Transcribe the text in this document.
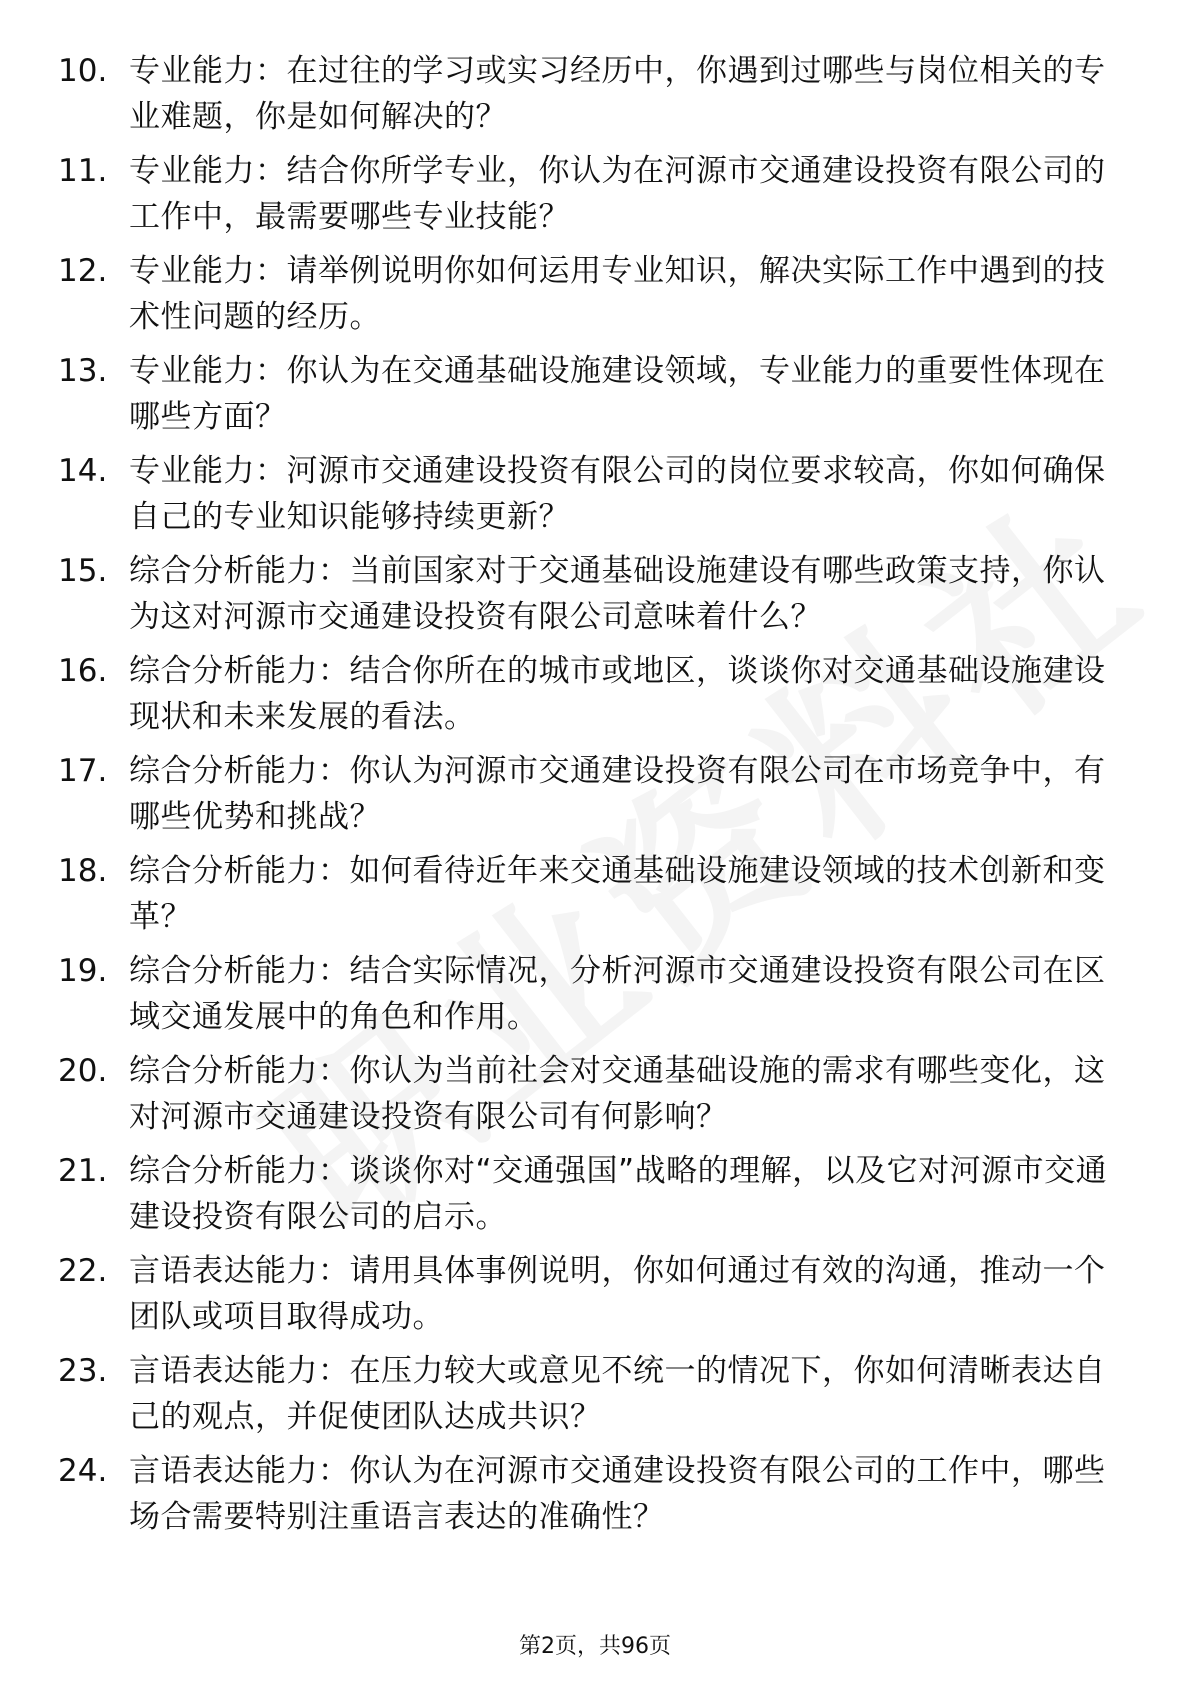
10. 专业能力：在过往的学习或实习经历中，你遇到过哪些与岗位相关的专业难题，你是如何解决的？
11. 专业能力：结合你所学专业，你认为在河源市交通建设投资有限公司的工作中，最需要哪些专业技能？
12. 专业能力：请举例说明你如何运用专业知识，解决实际工作中遇到的技术性问题的经历。
13. 专业能力：你认为在交通基础设施建设领域，专业能力的重要性体现在哪些方面？
14. 专业能力：河源市交通建设投资有限公司的岗位要求较高，你如何确保自己的专业知识能够持续更新？
15. 综合分析能力：当前国家对于交通基础设施建设有哪些政策支持，你认为这对河源市交通建设投资有限公司意味着什么？
16. 综合分析能力：结合你所在的城市或地区，谈谈你对交通基础设施建设现状和未来发展的看法。
17. 综合分析能力：你认为河源市交通建设投资有限公司在市场竞争中，有哪些优势和挑战？
18. 综合分析能力：如何看待近年来交通基础设施建设领域的技术创新和变革？
19. 综合分析能力：结合实际情况，分析河源市交通建设投资有限公司在区域交通发展中的角色和作用。
20. 综合分析能力：你认为当前社会对交通基础设施的需求有哪些变化，这对河源市交通建设投资有限公司有何影响？
21. 综合分析能力：谈谈你对“交通强国”战略的理解，以及它对河源市交通建设投资有限公司的启示。
22. 言语表达能力：请用具体事例说明，你如何通过有效的沟通，推动一个团队或项目取得成功。
23. 言语表达能力：在压力较大或意见不统一的情况下，你如何清晰表达自己的观点，并促使团队达成共识？
24. 言语表达能力：你认为在河源市交通建设投资有限公司的工作中，哪些场合需要特别注重语言表达的准确性？
第2页，共96页
